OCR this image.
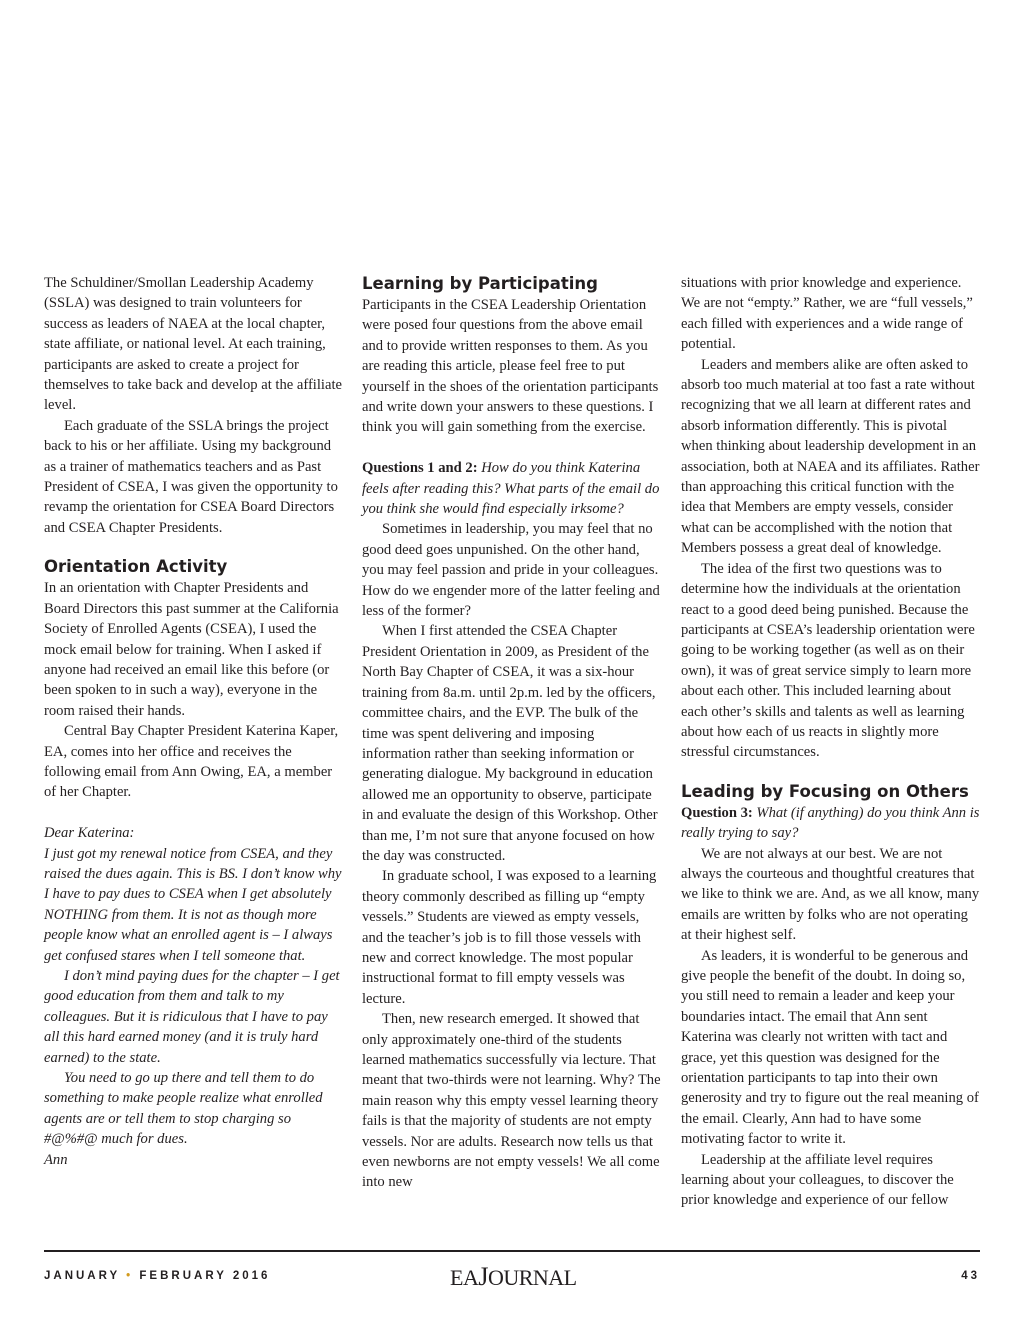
The Schuldiner/Smollan Leadership Academy (SSLA) was designed to train volunteers for success as leaders of NAEA at the local chapter, state affiliate, or national level. At each training, participants are asked to create a project for themselves to take back and develop at the affiliate level.

Each graduate of the SSLA brings the project back to his or her affiliate. Using my background as a trainer of mathematics teachers and as Past President of CSEA, I was given the opportunity to revamp the orientation for CSEA Board Directors and CSEA Chapter Presidents.

Orientation Activity

In an orientation with Chapter Presidents and Board Directors this past summer at the California Society of Enrolled Agents (CSEA), I used the mock email below for training. When I asked if anyone had received an email like this before (or been spoken to in such a way), everyone in the room raised their hands.

Central Bay Chapter President Katerina Kaper, EA, comes into her office and receives the following email from Ann Owing, EA, a member of her Chapter.

Dear Katerina:

I just got my renewal notice from CSEA, and they raised the dues again. This is BS. I don’t know why I have to pay dues to CSEA when I get absolutely NOTHING from them. It is not as though more people know what an enrolled agent is – I always get confused stares when I tell someone that.

I don’t mind paying dues for the chapter – I get good education from them and talk to my colleagues. But it is ridiculous that I have to pay all this hard earned money (and it is truly hard earned) to the state.

You need to go up there and tell them to do something to make people realize what enrolled agents are or tell them to stop charging so #@%#@ much for dues.

Ann

Learning by Participating

Participants in the CSEA Leadership Orientation were posed four questions from the above email and to provide written responses to them. As you are reading this article, please feel free to put yourself in the shoes of the orientation participants and write down your answers to these questions. I think you will gain something from the exercise.

Questions 1 and 2: How do you think Katerina feels after reading this? What parts of the email do you think she would find especially irksome?

Sometimes in leadership, you may feel that no good deed goes unpunished. On the other hand, you may feel passion and pride in your colleagues. How do we engender more of the latter feeling and less of the former?

When I first attended the CSEA Chapter President Orientation in 2009, as President of the North Bay Chapter of CSEA, it was a six-hour training from 8a.m. until 2p.m. led by the officers, committee chairs, and the EVP. The bulk of the time was spent delivering and imposing information rather than seeking information or generating dialogue. My background in education allowed me an opportunity to observe, participate in and evaluate the design of this Workshop. Other than me, I’m not sure that anyone focused on how the day was constructed.

In graduate school, I was exposed to a learning theory commonly described as filling up “empty vessels.” Students are viewed as empty vessels, and the teacher’s job is to fill those vessels with new and correct knowledge. The most popular instructional format to fill empty vessels was lecture.

Then, new research emerged. It showed that only approximately one-third of the students learned mathematics successfully via lecture. That meant that two-thirds were not learning. Why? The main reason why this empty vessel learning theory fails is that the majority of students are not empty vessels. Nor are adults. Research now tells us that even newborns are not empty vessels! We all come into new

situations with prior knowledge and experience. We are not “empty.” Rather, we are “full vessels,” each filled with experiences and a wide range of potential.

Leaders and members alike are often asked to absorb too much material at too fast a rate without recognizing that we all learn at different rates and absorb information differently. This is pivotal when thinking about leadership development in an association, both at NAEA and its affiliates. Rather than approaching this critical function with the idea that Members are empty vessels, consider what can be accomplished with the notion that Members possess a great deal of knowledge.

The idea of the first two questions was to determine how the individuals at the orientation react to a good deed being punished. Because the participants at CSEA’s leadership orientation were going to be working together (as well as on their own), it was of great service simply to learn more about each other. This included learning about each other’s skills and talents as well as learning about how each of us reacts in slightly more stressful circumstances.

Leading by Focusing on Others

Question 3: What (if anything) do you think Ann is really trying to say?

We are not always at our best. We are not always the courteous and thoughtful creatures that we like to think we are. And, as we all know, many emails are written by folks who are not operating at their highest self.

As leaders, it is wonderful to be generous and give people the benefit of the doubt. In doing so, you still need to remain a leader and keep your boundaries intact. The email that Ann sent Katerina was clearly not written with tact and grace, yet this question was designed for the orientation participants to tap into their own generosity and try to figure out the real meaning of the email. Clearly, Ann had to have some motivating factor to write it.

Leadership at the affiliate level requires learning about your colleagues, to discover the prior knowledge and experience of our fellow

JANUARY • FEBRUARY 2016	EAJOURNAL	43
